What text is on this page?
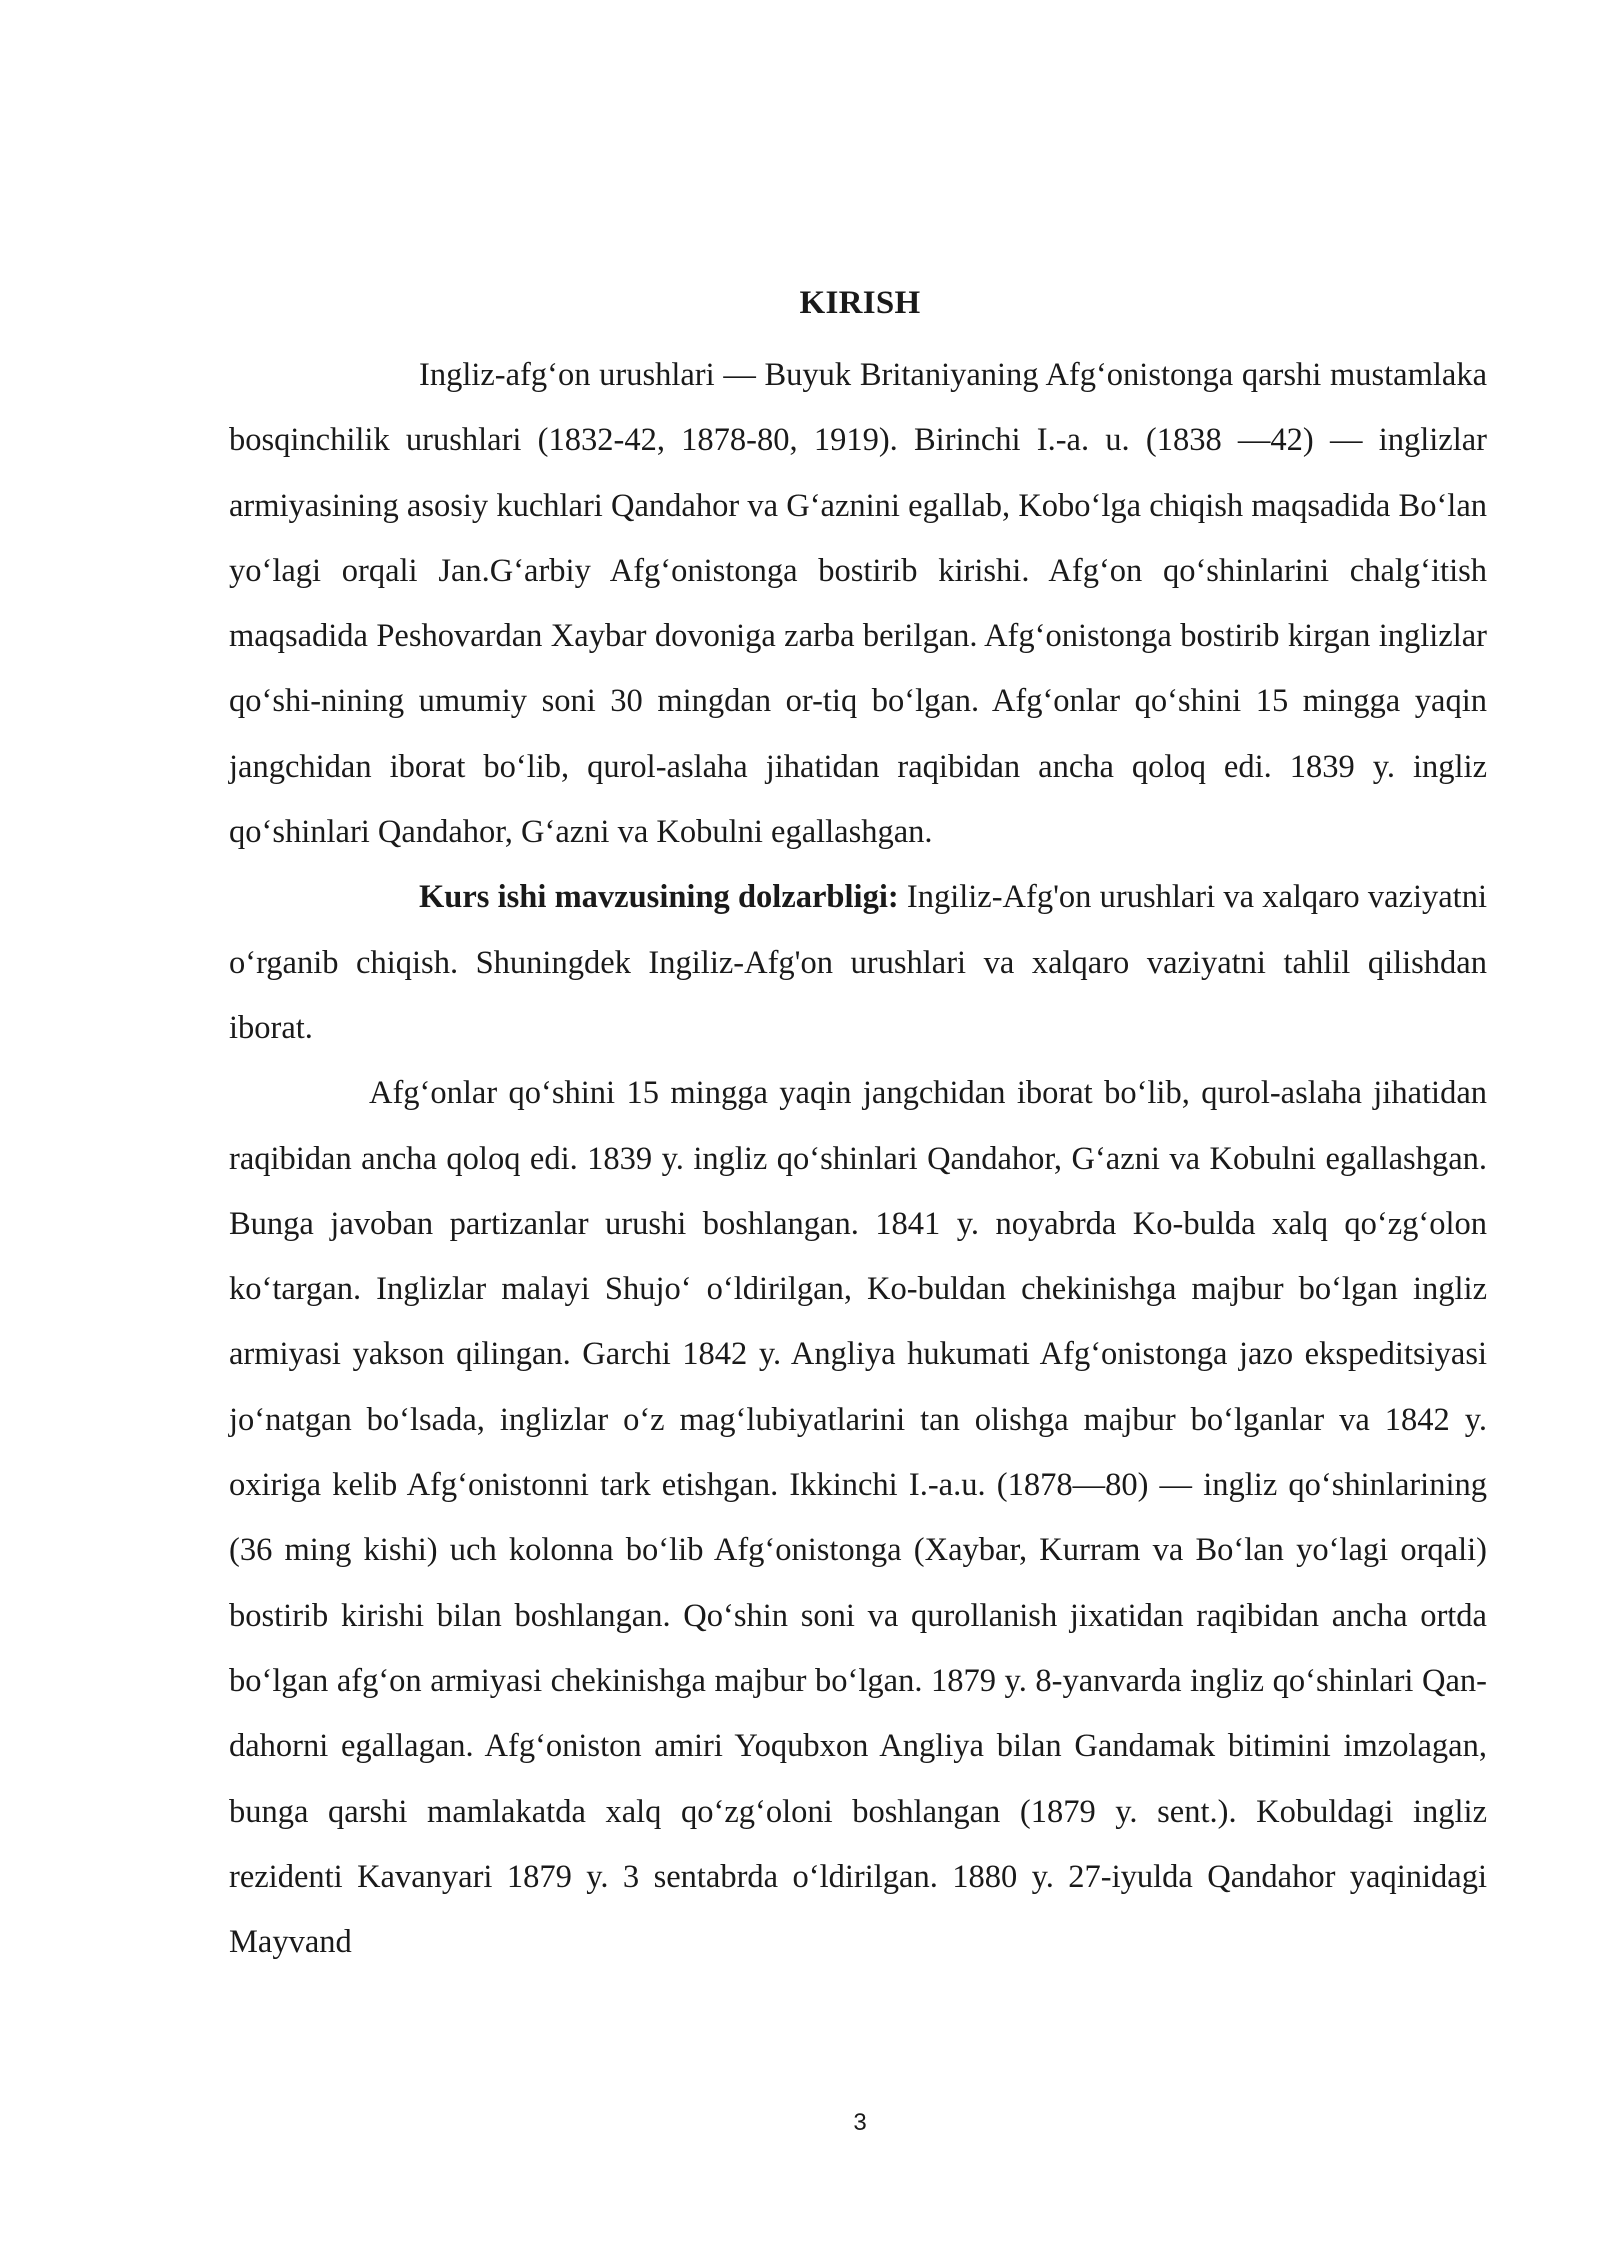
KIRISH

Ingliz-afg‘on urushlari — Buyuk Britaniyaning Afg‘onistonga qarshi mustamlaka bosqinchilik urushlari (1832-42, 1878-80, 1919). Birinchi I.-a. u. (1838 —42) — inglizlar armiyasining asosiy kuchlari Qandahor va G‘aznini egallab, Kobo‘lga chiqish maqsadida Bo‘lan yo‘lagi orqali Jan.G‘arbiy Afg‘onistonga bostirib kirishi. Afg‘on qo‘shinlarini chalg‘itish maqsadida Peshovardan Xaybar dovoniga zarba berilgan. Afg‘onistonga bostirib kirgan inglizlar qo‘shi-nining umumiy soni 30 mingdan or-tiq bo‘lgan. Afg‘onlar qo‘shini 15 mingga yaqin jangchidan iborat bo‘lib, qurol-aslaha jihatidan raqibidan ancha qoloq edi. 1839 y. ingliz qo‘shinlari Qandahor, G‘azni va Kobulni egallashgan.

Kurs ishi mavzusining dolzarbligi: Ingiliz-Afg'on urushlari va xalqaro vaziyatni o‘rganib chiqish. Shuningdek Ingiliz-Afg'on urushlari va xalqaro vaziyatni tahlil qilishdan iborat.

Afg‘onlar qo‘shini 15 mingga yaqin jangchidan iborat bo‘lib, qurol-aslaha jihatidan raqibidan ancha qoloq edi. 1839 y. ingliz qo‘shinlari Qandahor, G‘azni va Kobulni egallashgan. Bunga javoban partizanlar urushi boshlangan. 1841 y. noyabrda Ko-bulda xalq qo‘zg‘olon ko‘targan. Inglizlar malayi Shujo‘ o‘ldirilgan, Ko-buldan chekinishga majbur bo‘lgan ingliz armiyasi yakson qilingan. Garchi 1842 y. Angliya hukumati Afg‘onistonga jazo ekspeditsiyasi jo‘natgan bo‘lsada, inglizlar o‘z mag‘lubiyatlarini tan olishga majbur bo‘lganlar va 1842 y. oxiriga kelib Afg‘onistonni tark etishgan. Ikkinchi I.-a.u. (1878—80) — ingliz qo‘shinlarining (36 ming kishi) uch kolonna bo‘lib Afg‘onistonga (Xaybar, Kurram va Bo‘lan yo‘lagi orqali) bostirib kirishi bilan boshlangan. Qo‘shin soni va qurollanish jixatidan raqibidan ancha ortda bo‘lgan afg‘on armiyasi chekinishga majbur bo‘lgan. 1879 y. 8-yanvarda ingliz qo‘shinlari Qan-dahorni egallagan. Afg‘oniston amiri Yoqubxon Angliya bilan Gandamak bitimini imzolagan, bunga qarshi mamlakatda xalq qo‘zg‘oloni boshlangan (1879 y. sent.). Kobuldagi ingliz rezidenti Kavanyari 1879 y. 3 sentabrda o‘ldirilgan. 1880 y. 27-iyulda Qandahor yaqinidagi Mayvand

3
